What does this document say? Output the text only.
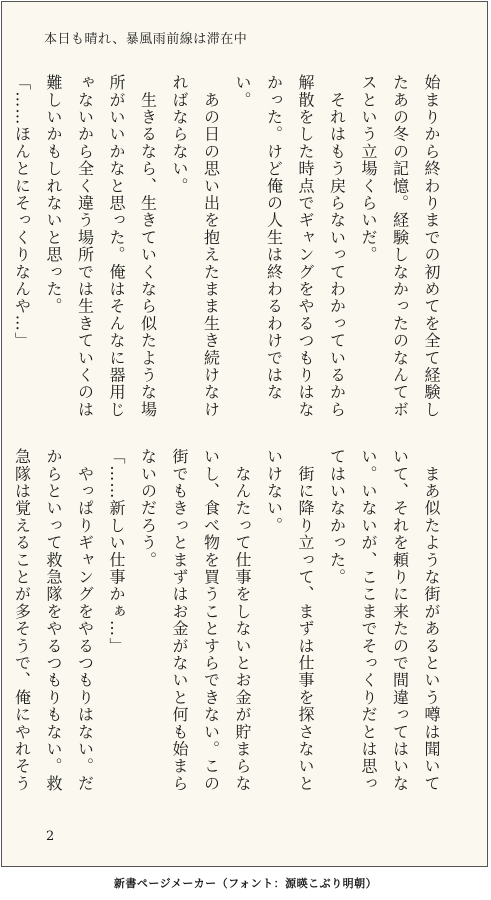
本日も晴れ、暴風雨前線は滞在中

始まりから終わりまでの初めてを全て経験したあの冬の記憶。経験しなかったのなんてボスという立場くらいだ。

　それはもう戻らないってわかっているから解散をした時点でギャングをやるつもりはなかった。けど俺の人生は終わるわけではない。

　あの日の思い出を抱えたまま生き続けなければならない。

　生きるなら、生きていくなら似たような場所がいいかなと思った。俺はそんなに器用じゃないから全く違う場所では生きていくのは難しいかもしれないと思った。

「……ほんとにそっくりなんや…」

　まあ似たような街があるという噂は聞いていて、それを頼りに来たので間違ってはいない。いないが、ここまでそっくりだとは思ってはいなかった。

　街に降り立って、まずは仕事を探さないといけない。

　なんたって仕事をしないとお金が貯まらないし、食べ物を買うことすらできない。この街でもきっとまずはお金がないと何も始まらないのだろう。

「……新しい仕事かぁ…」

　やっぱりギャングをやるつもりはない。だからといって救急隊をやるつもりもない。救急隊は覚えることが多そうで、俺にやれそう

2
新書ページメーカー（フォント：源暎こぶり明朝）
